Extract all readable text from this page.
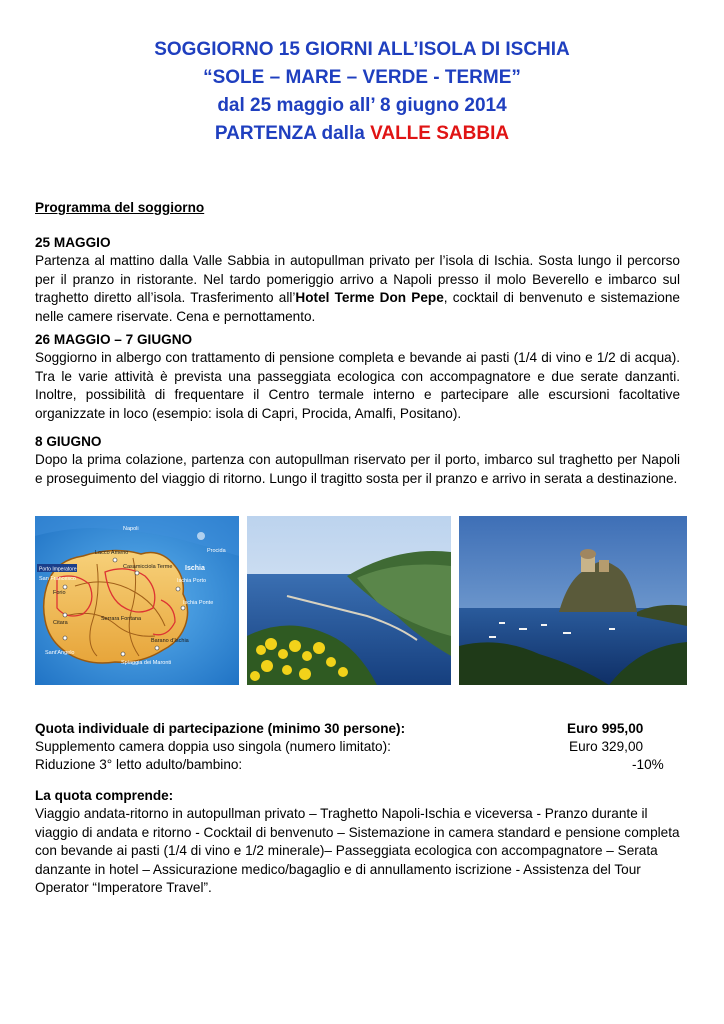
SOGGIORNO 15 GIORNI ALL’ISOLA DI ISCHIA
“SOLE – MARE – VERDE - TERME”
dal 25 maggio all’ 8 giugno 2014
PARTENZA dalla VALLE SABBIA
Programma del soggiorno
25 MAGGIO
Partenza al mattino dalla Valle Sabbia in autopullman privato per l’isola di Ischia. Sosta lungo il percorso per il pranzo in ristorante. Nel tardo pomeriggio arrivo a Napoli presso il molo Beverello e imbarco sul traghetto diretto all’isola. Trasferimento all’Hotel Terme Don Pepe, cocktail di benvenuto e sistemazione nelle camere riservate. Cena e pernottamento.
26 MAGGIO – 7 GIUGNO
Soggiorno in albergo con trattamento di pensione completa e bevande ai pasti (1/4 di vino e 1/2 di acqua). Tra le varie attività è prevista una passeggiata ecologica con accompagnatore e due serate danzanti. Inoltre, possibilità di frequentare il Centro termale interno e partecipare alle escursioni facoltative organizzate in loco (esempio: isola di Capri, Procida, Amalfi, Positano).
8 GIUGNO
Dopo la prima colazione, partenza con autopullman riservato per il porto, imbarco sul traghetto per Napoli e proseguimento del viaggio di ritorno. Lungo il tragitto sosta per il pranzo e arrivo in serata a destinazione.
Porto Imperatore
Napoli
Procida
Ischia
Ischia Porto
San Francesco
Lacco Ameno
Casamicciola Terme
Ischia Ponte
Forio
Citara
Serrara Fontana
Barano d'Ischia
Sant'Angelo
Spiaggia dei Maronti
Quota individuale di partecipazione (minimo 30 persone):	Euro 995,00
Supplemento camera doppia uso singola (numero limitato):	Euro 329,00
Riduzione 3° letto adulto/bambino:	-10%
La quota comprende:
Viaggio andata-ritorno in autopullman privato – Traghetto Napoli-Ischia e viceversa - Pranzo durante il viaggio di andata e ritorno - Cocktail di benvenuto – Sistemazione in camera standard e pensione completa con bevande ai pasti (1/4 di vino e 1/2 minerale)– Passeggiata ecologica con accompagnatore – Serata danzante in hotel – Assicurazione medico/bagaglio e di annullamento iscrizione - Assistenza del Tour Operator “Imperatore Travel”.
